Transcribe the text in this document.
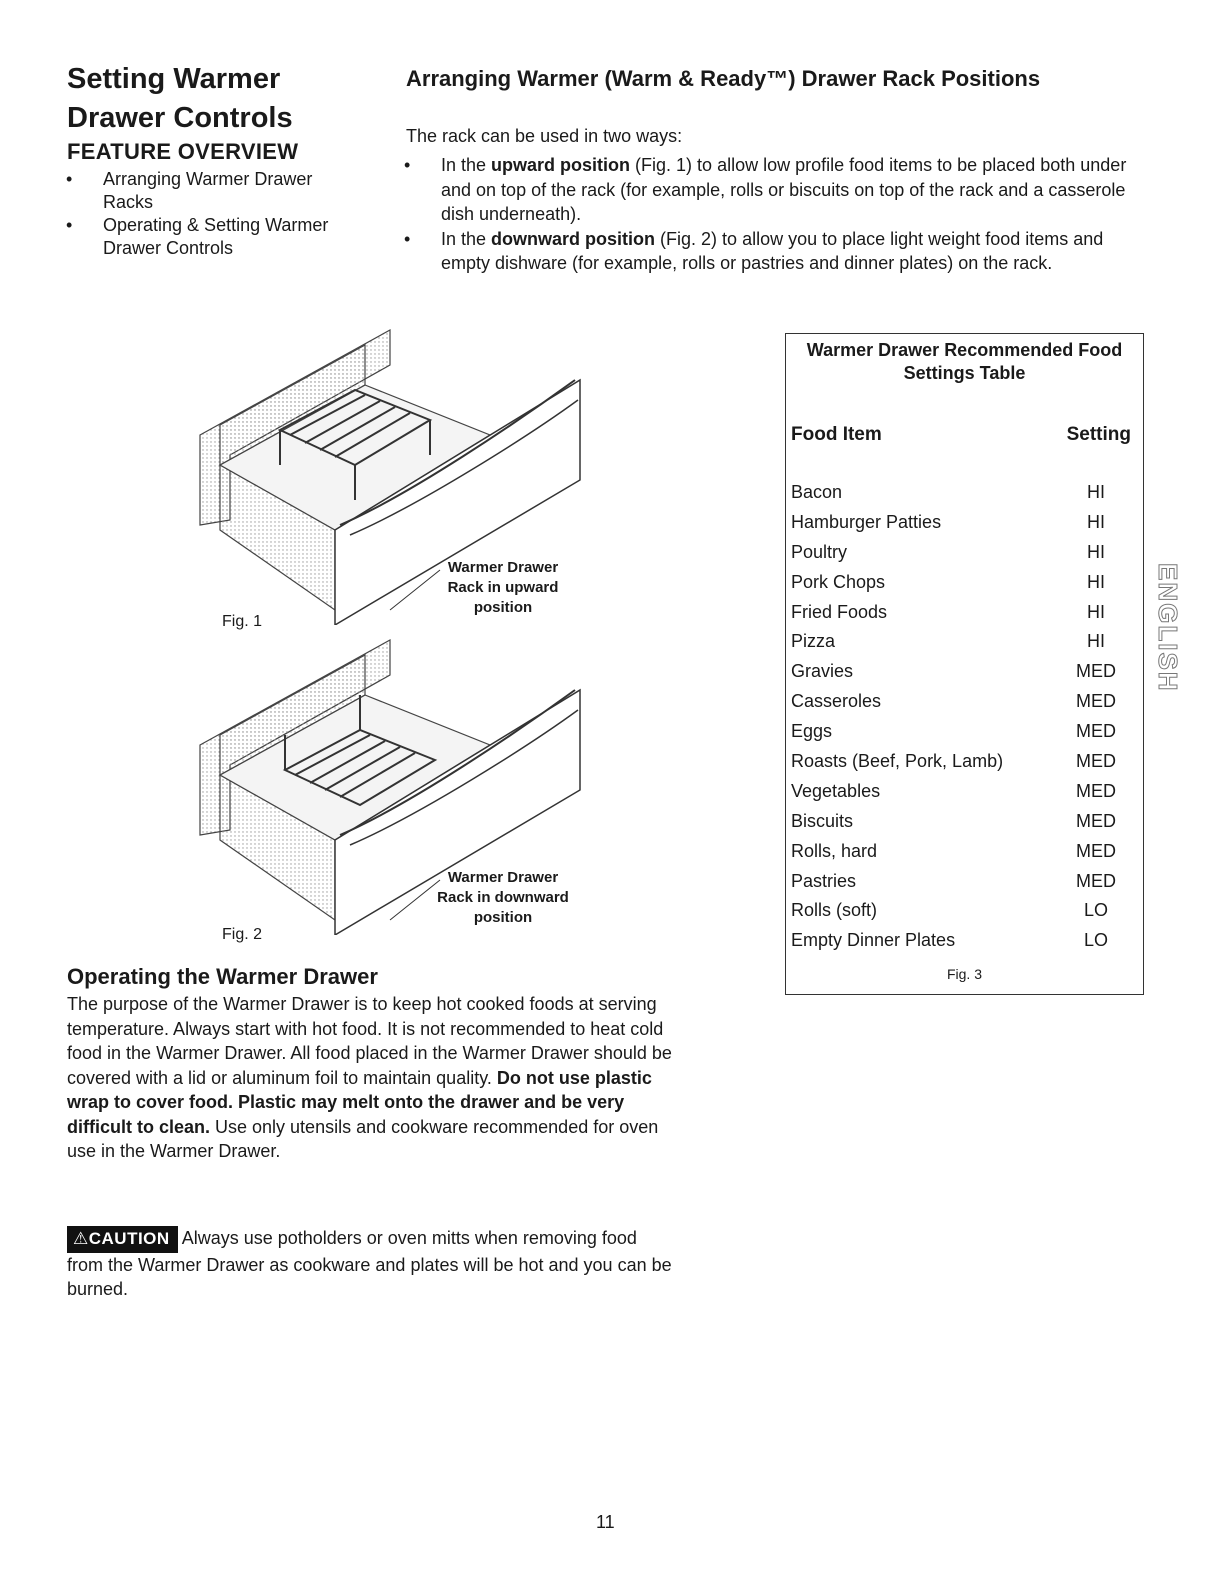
Setting Warmer
Drawer Controls
FEATURE OVERVIEW
• Arranging Warmer Drawer
Racks
• Operating & Setting Warmer
Drawer Controls
Arranging Warmer (Warm & Ready™) Drawer Rack Positions
The rack can be used in two ways:
• In the upward position (Fig. 1) to allow low profile food items to be placed both under and on top of the rack (for example, rolls or biscuits on top of the rack and a casserole dish underneath).
• In the downward position (Fig. 2) to allow you to place light weight food items and empty dishware (for example, rolls or pastries and dinner plates) on the rack.
Warmer Drawer
Rack in upward
position
Fig. 1
Warmer Drawer
Rack in downward
position
Fig. 2
Warmer Drawer Recommended Food
Settings Table
Food Item	Setting
Bacon	HI
Hamburger Patties	HI
Poultry	HI
Pork Chops	HI
Fried Foods	HI
Pizza	HI
Gravies	MED
Casseroles	MED
Eggs	MED
Roasts (Beef, Pork, Lamb)	MED
Vegetables	MED
Biscuits	MED
Rolls, hard	MED
Pastries	MED
Rolls (soft)	LO
Empty Dinner Plates	LO
Fig. 3
ENGLISH
Operating the Warmer Drawer
The purpose of the Warmer Drawer is to keep hot cooked foods at serving temperature. Always start with hot food. It is not recommended to heat cold food in the Warmer Drawer. All food placed in the Warmer Drawer should be covered with a lid or aluminum foil to maintain quality. Do not use plastic wrap to cover food. Plastic may melt onto the drawer and be very difficult to clean. Use only utensils and cookware recommended for oven use in the Warmer Drawer.
⚠CAUTION Always use potholders or oven mitts when removing food from the Warmer Drawer as cookware and plates will be hot and you can be burned.
11
